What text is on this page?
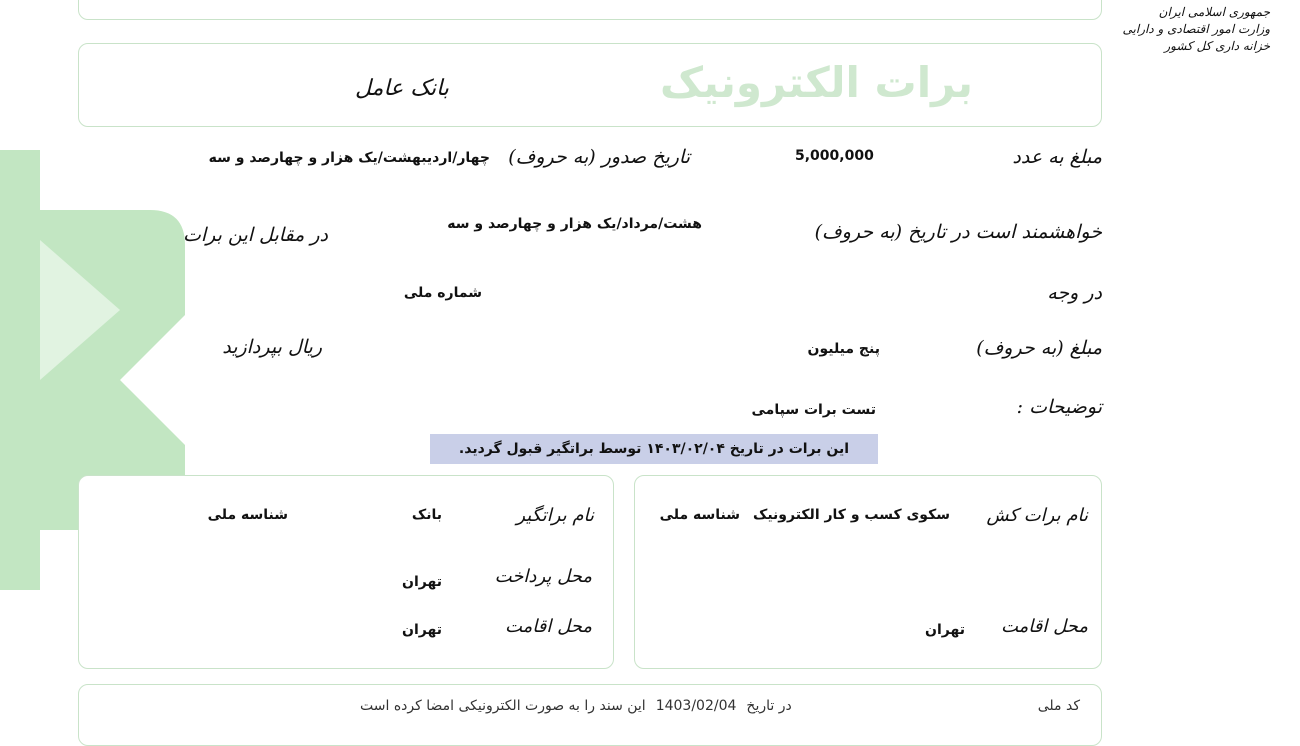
جمهوری اسلامی ایران
وزارت امور اقتصادی و دارایی
خزانه داری کل کشور
برات الکترونیک
بانک عامل
مبلغ به عدد
5,000,000
تاریخ صدور (به حروف)
چهار/اردیبهشت/یک هزار و چهارصد و سه
خواهشمند است در تاریخ (به حروف)
هشت/مرداد/یک هزار و چهارصد و سه
در مقابل این برات
در وجه
شماره ملی
مبلغ (به حروف)
پنج میلیون
ریال بپردازید
توضیحات :
تست برات سپامی
این برات در تاریخ ۱۴۰۳/۰۲/۰۴ توسط براتگیر قبول گردید.
نام برات کش
سکوی کسب و کار الکترونیک
شناسه ملی
محل اقامت
تهران
نام براتگیر
بانک
شناسه ملی
محل پرداخت
تهران
محل اقامت
تهران
کد ملی
در تاریخ
1403/02/04
این سند را به صورت الکترونیکی امضا کرده است
